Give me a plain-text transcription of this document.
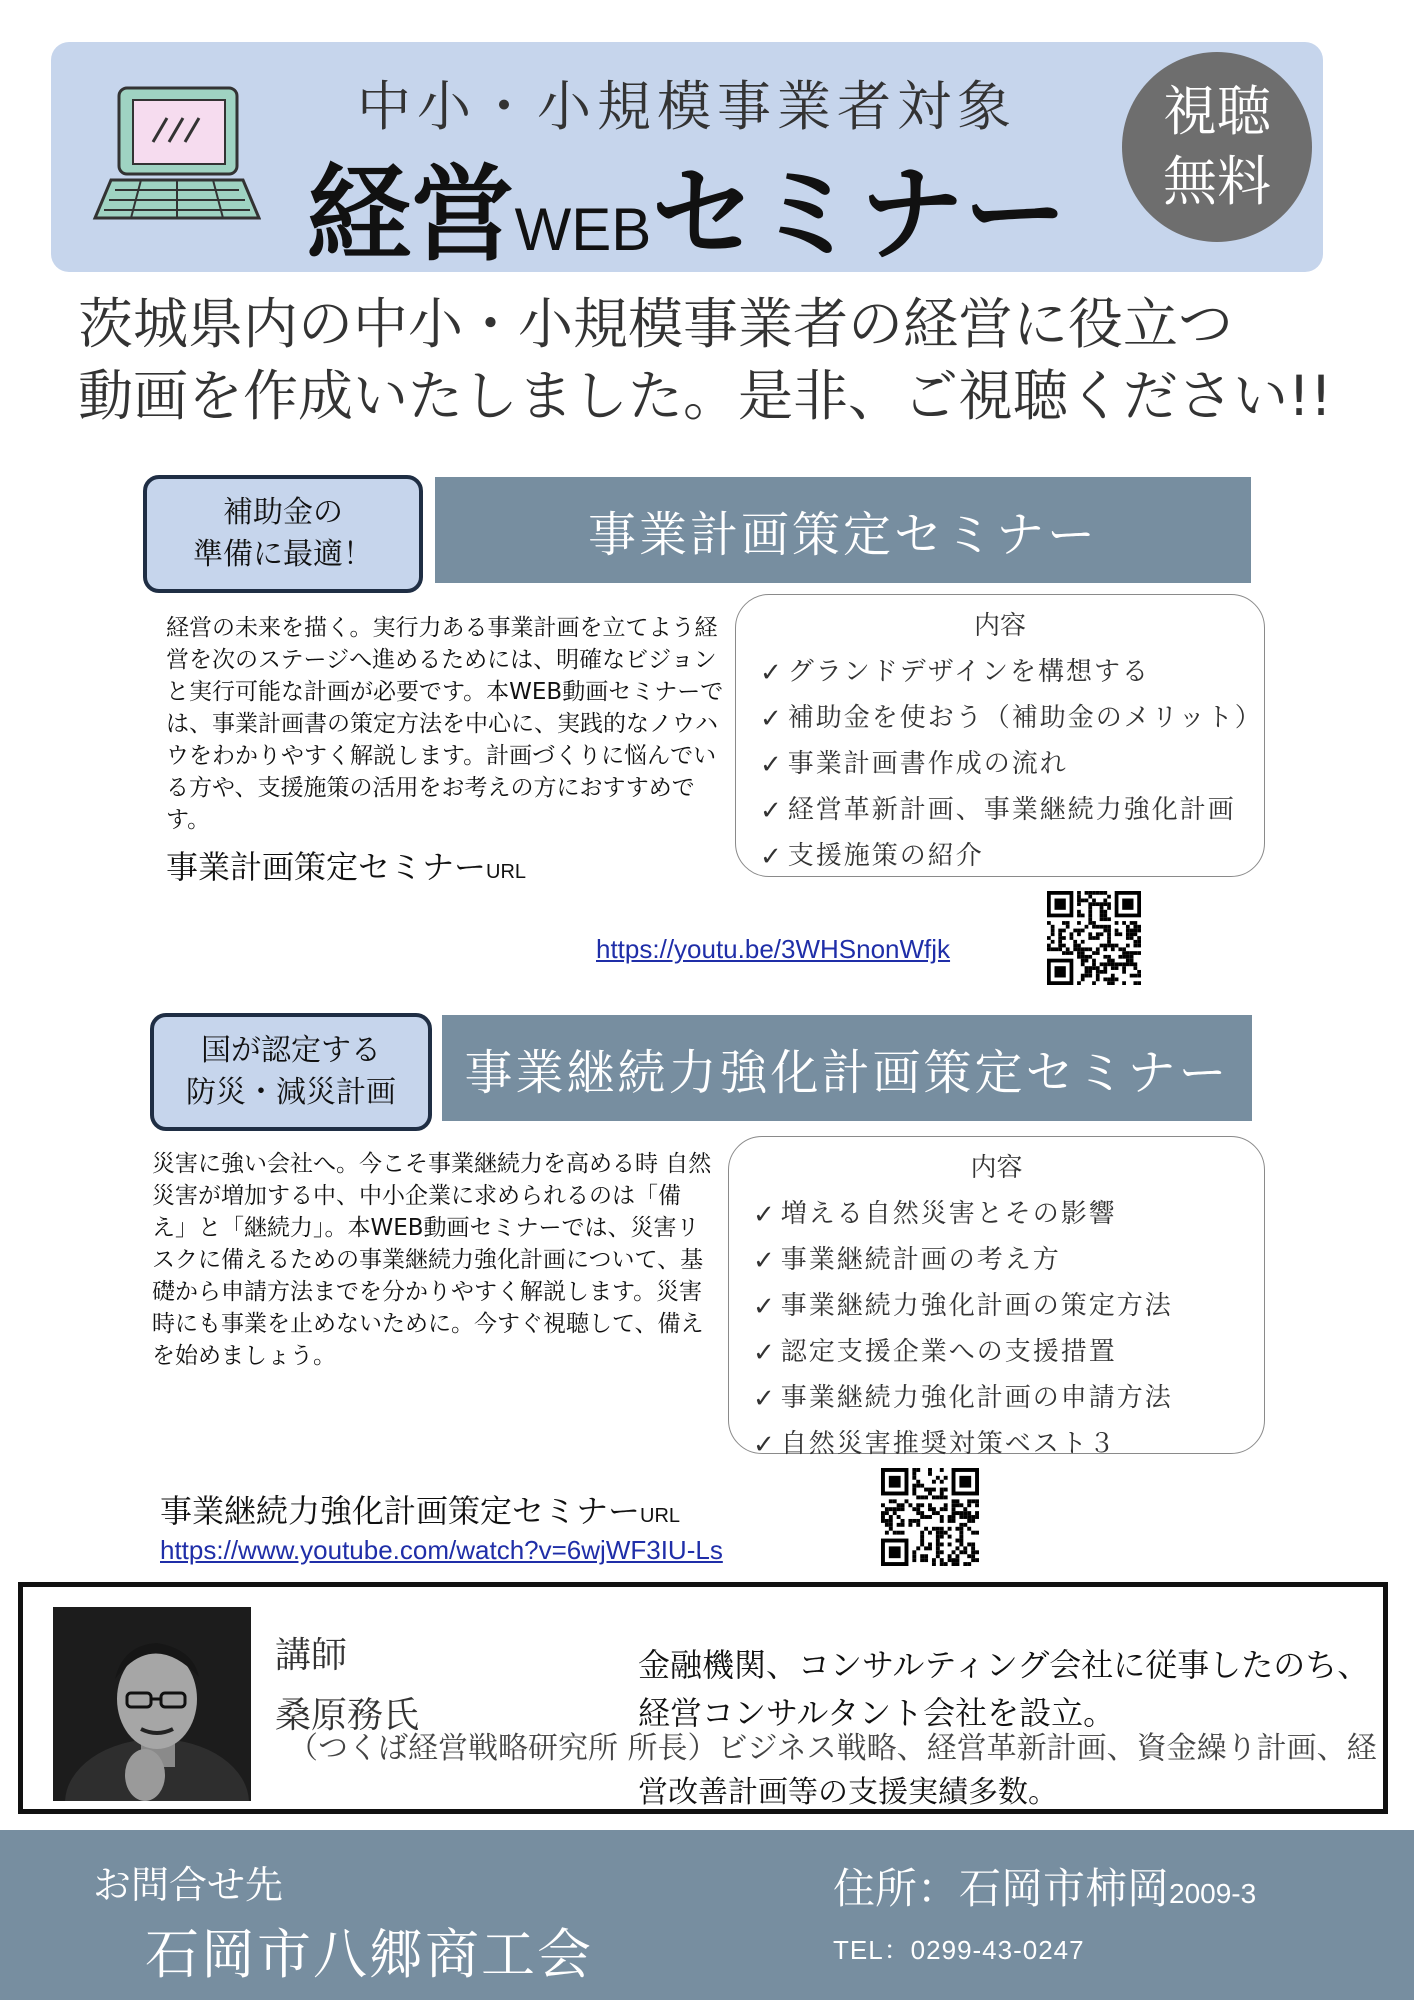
中小・小規模事業者対象
経営WEBセミナー
視聴
無料
茨城県内の中小・小規模事業者の経営に役立つ
動画を作成いたしました。是非、ご視聴ください!!
補助金の
準備に最適！	事業計画策定セミナー
経営の未来を描く。実行力ある事業計画を立てよう経営を次のステージへ進めるためには、明確なビジョンと実行可能な計画が必要です。本WEB動画セミナーでは、事業計画書の策定方法を中心に、実践的なノウハウをわかりやすく解説します。計画づくりに悩んでいる方や、支援施策の活用をお考えの方におすすめです。
内容
✓ グランドデザインを構想する
✓ 補助金を使おう（補助金のメリット）
✓ 事業計画書作成の流れ
✓ 経営革新計画、事業継続力強化計画
✓ 支援施策の紹介
事業計画策定セミナーURL
https://youtu.be/3WHSnonWfjk
国が認定する
防災・減災計画	事業継続力強化計画策定セミナー
災害に強い会社へ。今こそ事業継続力を高める時 自然災害が増加する中、中小企業に求められるのは「備え」と「継続力」。本WEB動画セミナーでは、災害リスクに備えるための事業継続力強化計画について、基礎から申請方法までを分かりやすく解説します。災害時にも事業を止めないために。今すぐ視聴して、備えを始めましょう。
内容
✓ 増える自然災害とその影響
✓ 事業継続計画の考え方
✓ 事業継続力強化計画の策定方法
✓ 認定支援企業への支援措置
✓ 事業継続力強化計画の申請方法
✓ 自然災害推奨対策ベスト３
事業継続力強化計画策定セミナーURL
https://www.youtube.com/watch?v=6wjWF3IU-Ls
講師
桑原務氏
（つくば経営戦略研究所 所長）ビジネス戦略、経営革新計画、資金繰り計画、経
金融機関、コンサルティング会社に従事したのち、
経営コンサルタント会社を設立。
営改善計画等の支援実績多数。
お問合せ先
石岡市八郷商工会
住所：石岡市柿岡2009-3
TEL：0299-43-0247
